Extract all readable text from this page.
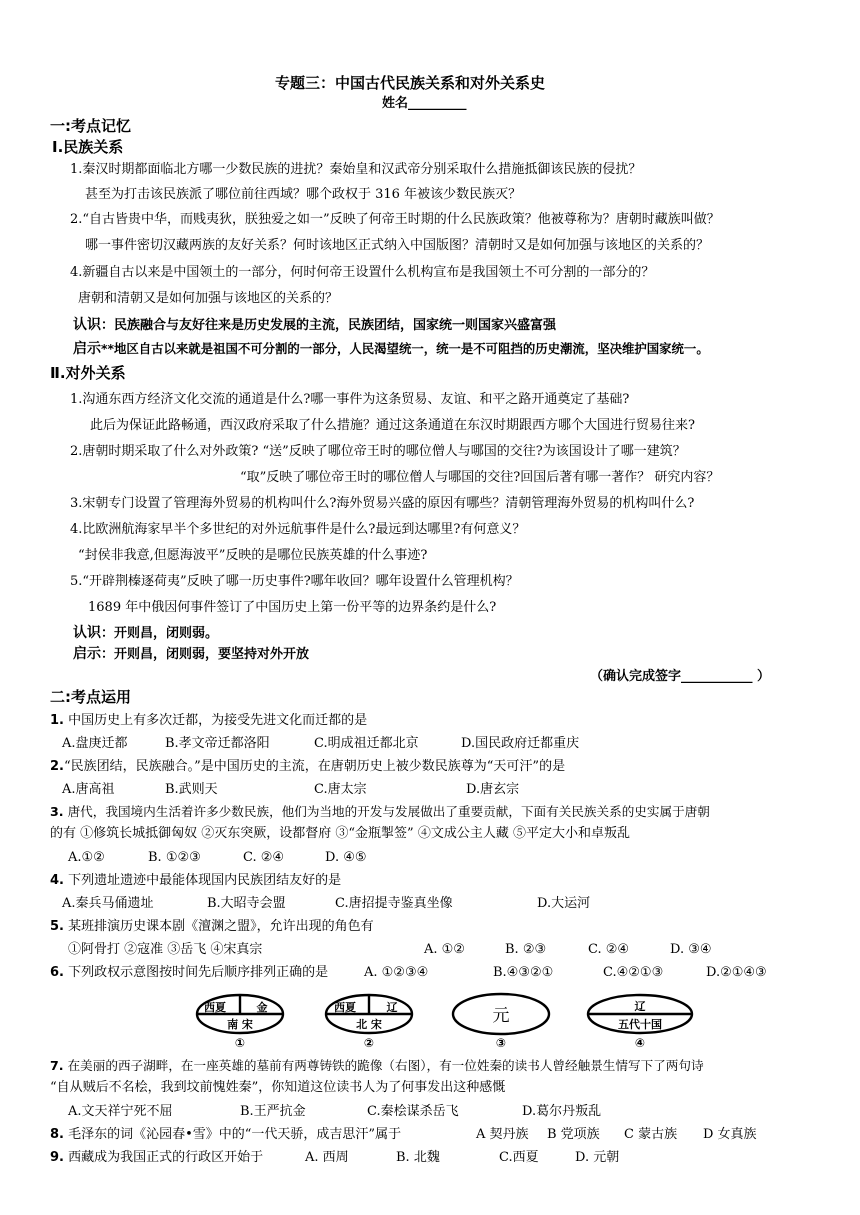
专题三：中国古代民族关系和对外关系史
姓名_________
一:考点记忆
Ⅰ.民族关系
1.秦汉时期都面临北方哪一少数民族的进扰？秦始皇和汉武帝分别采取什么措施抵御该民族的侵扰？
甚至为打击该民族派了哪位前往西域？哪个政权于 316 年被该少数民族灭？
2.“自古皆贵中华，而贱夷狄，朕独爱之如一”反映了何帝王时期的什么民族政策？他被尊称为？唐朝时藏族叫做？
哪一事件密切汉藏两族的友好关系？何时该地区正式纳入中国版图？清朝时又是如何加强与该地区的关系的？
4.新疆自古以来是中国领土的一部分，何时何帝王设置什么机构宣布是我国领土不可分割的一部分的？
唐朝和清朝又是如何加强与该地区的关系的？
认识：民族融合与友好往来是历史发展的主流，民族团结，国家统一则国家兴盛富强
启示**地区自古以来就是祖国不可分割的一部分，人民渴望统一，统一是不可阻挡的历史潮流，坚决维护国家统一。
Ⅱ.对外关系
1.沟通东西方经济文化交流的通道是什么?哪一事件为这条贸易、友谊、和平之路开通奠定了基础?
此后为保证此路畅通，西汉政府采取了什么措施？通过这条通道在东汉时期跟西方哪个大国进行贸易往来?
2.唐朝时期采取了什么对外政策? “送”反映了哪位帝王时的哪位僧人与哪国的交往?为该国设计了哪一建筑？
“取”反映了哪位帝王时的哪位僧人与哪国的交往?回国后著有哪一著作？ 研究内容？
3.宋朝专门设置了管理海外贸易的机构叫什么?海外贸易兴盛的原因有哪些？清朝管理海外贸易的机构叫什么?
4.比欧洲航海家早半个多世纪的对外远航事件是什么?最远到达哪里?有何意义？
“封侯非我意,但愿海波平”反映的是哪位民族英雄的什么事迹?
5.“开辟荆榛逐荷夷”反映了哪一历史事件?哪年收回？哪年设置什么管理机构？
1689 年中俄因何事件签订了中国历史上第一份平等的边界条约是什么?
认识：开则昌，闭则弱。
启示：开则昌，闭则弱，要坚持对外开放
（确认完成签字___________ ）
二:考点运用
1. 中国历史上有多次迁都，为接受先进文化而迁都的是
A.盘庚迁都	B.孝文帝迁都洛阳	C.明成祖迁都北京	D.国民政府迁都重庆
2.“民族团结，民族融合。”是中国历史的主流，在唐朝历史上被少数民族尊为“天可汗”的是
A.唐高祖	B.武则天	C.唐太宗	D.唐玄宗
3. 唐代，我国境内生活着许多少数民族，他们为当地的开发与发展做出了重要贡献，下面有关民族关系的史实属于唐朝
的有 ①修筑长城抵御匈奴 ②灭东突厥，设都督府 ③“金瓶掣签” ④文成公主人藏 ⑤平定大小和卓叛乱
A.①②	B. ①②③	C. ②④	D. ④⑤
4. 下列遗址遗迹中最能体现国内民族团结友好的是
A.秦兵马俑遗址	B.大昭寺会盟	C.唐招提寺鉴真坐像	D.大运河
5. 某班排演历史课本剧《澶渊之盟》，允许出现的角色有
①阿骨打 ②寇准 ③岳飞 ④宋真宗	A. ①②	B. ②③	C. ②④	D. ③④
6. 下列政权示意图按时间先后顺序排列正确的是	A. ①②③④	B.④③②①	C.④②①③	D.②①④③
西夏	金
南 宋
①
西夏	辽
北 宋
②
元
③
辽
五代十国
④
7. 在美丽的西子湖畔，在一座英雄的墓前有两尊铸铁的跪像（右图），有一位姓秦的读书人曾经触景生情写下了两句诗
“自从贼后不名桧，我到坟前愧姓秦”，你知道这位读书人为了何事发出这种感慨
A.文天祥宁死不屈	B.王严抗金	C.秦桧谋杀岳飞	D.葛尔丹叛乱
8. 毛泽东的词《沁园春•雪》中的“一代天骄，成吉思汗”属于	A 契丹族 B 党项族 C 蒙古族 D 女真族
9. 西藏成为我国正式的行政区开始于	A. 西周	B. 北魏	C.西夏	D. 元朝
